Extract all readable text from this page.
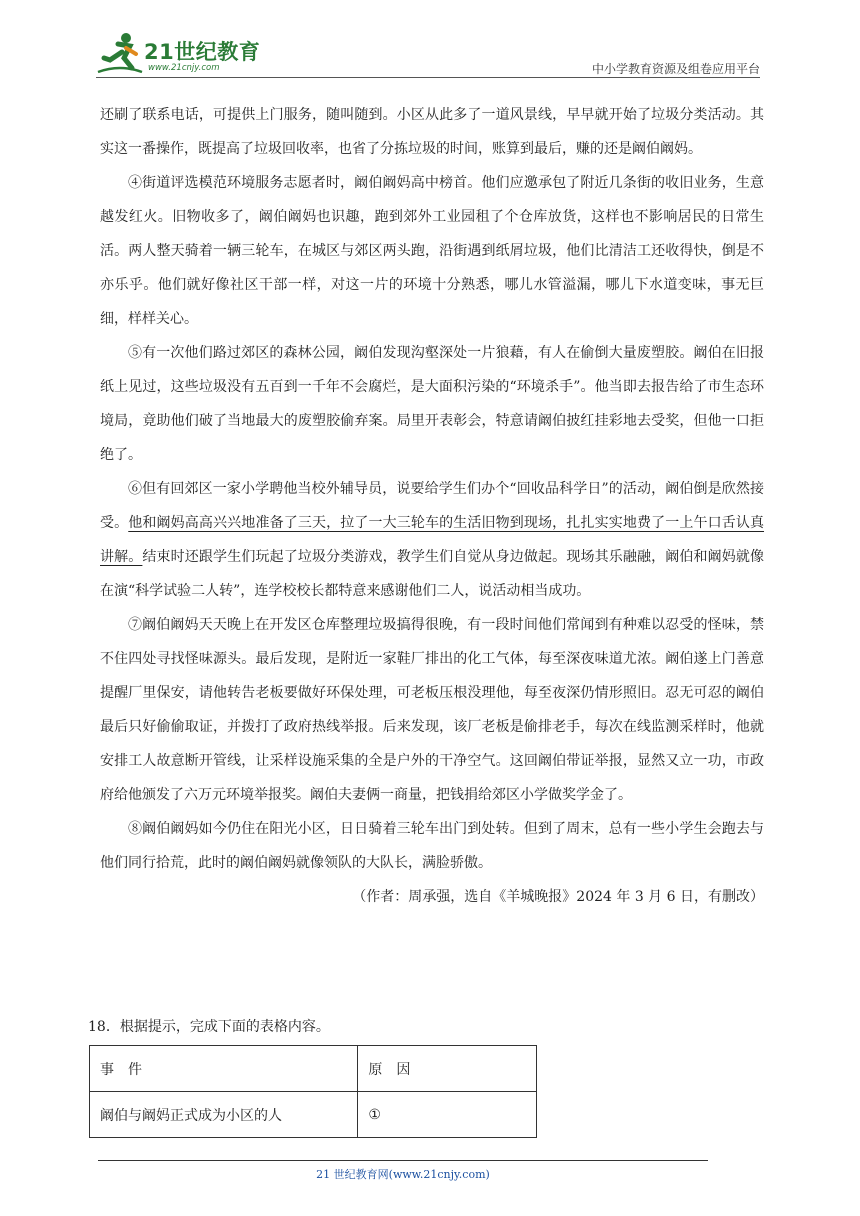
21世纪教育
www.21cnjy.com	中小学教育资源及组卷应用平台

还刷了联系电话，可提供上门服务，随叫随到。小区从此多了一道风景线，早早就开始了垃圾分类活动。其实这一番操作，既提高了垃圾回收率，也省了分拣垃圾的时间，账算到最后，赚的还是阚伯阚妈。

④街道评选模范环境服务志愿者时，阚伯阚妈高中榜首。他们应邀承包了附近几条街的收旧业务，生意越发红火。旧物收多了，阚伯阚妈也识趣，跑到郊外工业园租了个仓库放货，这样也不影响居民的日常生活。两人整天骑着一辆三轮车，在城区与郊区两头跑，沿街遇到纸屑垃圾，他们比清洁工还收得快，倒是不亦乐乎。他们就好像社区干部一样，对这一片的环境十分熟悉，哪儿水管溢漏，哪儿下水道变味，事无巨细，样样关心。

⑤有一次他们路过郊区的森林公园，阚伯发现沟壑深处一片狼藉，有人在偷倒大量废塑胶。阚伯在旧报纸上见过，这些垃圾没有五百到一千年不会腐烂，是大面积污染的“环境杀手”。他当即去报告给了市生态环境局，竟助他们破了当地最大的废塑胶偷弃案。局里开表彰会，特意请阚伯披红挂彩地去受奖，但他一口拒绝了。

⑥但有回郊区一家小学聘他当校外辅导员，说要给学生们办个“回收品科学日”的活动，阚伯倒是欣然接受。他和阚妈高高兴兴地准备了三天，拉了一大三轮车的生活旧物到现场，扎扎实实地费了一上午口舌认真讲解。结束时还跟学生们玩起了垃圾分类游戏，教学生们自觉从身边做起。现场其乐融融，阚伯和阚妈就像在演“科学试验二人转”，连学校校长都特意来感谢他们二人，说活动相当成功。

⑦阚伯阚妈天天晚上在开发区仓库整理垃圾搞得很晚，有一段时间他们常闻到有种难以忍受的怪味，禁不住四处寻找怪味源头。最后发现，是附近一家鞋厂排出的化工气体，每至深夜味道尤浓。阚伯遂上门善意提醒厂里保安，请他转告老板要做好环保处理，可老板压根没理他，每至夜深仍情形照旧。忍无可忍的阚伯最后只好偷偷取证，并拨打了政府热线举报。后来发现，该厂老板是偷排老手，每次在线监测采样时，他就安排工人故意断开管线，让采样设施采集的全是户外的干净空气。这回阚伯带证举报，显然又立一功，市政府给他颁发了六万元环境举报奖。阚伯夫妻俩一商量，把钱捐给郊区小学做奖学金了。

⑧阚伯阚妈如今仍住在阳光小区，日日骑着三轮车出门到处转。但到了周末，总有一些小学生会跑去与他们同行拾荒，此时的阚伯阚妈就像领队的大队长，满脸骄傲。

（作者：周承强，选自《羊城晚报》2024 年 3 月 6 日，有删改）

18．根据提示，完成下面的表格内容。
事　件	原　因
阚伯与阚妈正式成为小区的人	①
21 世纪教育网(www.21cnjy.com)
